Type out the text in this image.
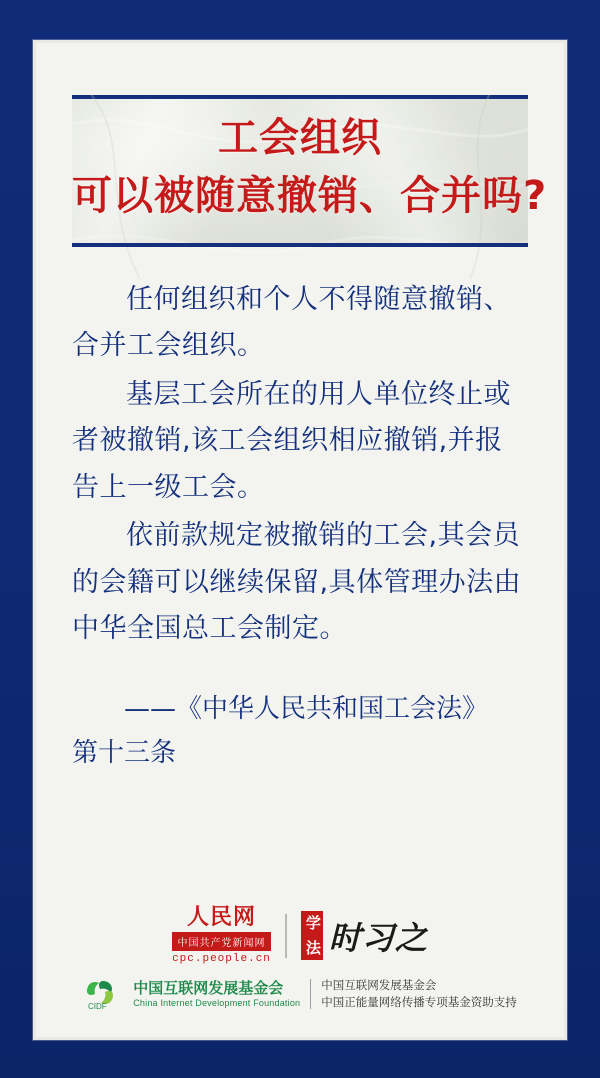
工会组织
可以被随意撤销、合并吗?

任何组织和个人不得随意撤销、合并工会组织。

基层工会所在的用人单位终止或者被撤销,该工会组织相应撤销,并报告上一级工会。

依前款规定被撤销的工会,其会员的会籍可以继续保留,具体管理办法由中华全国总工会制定。

——《中华人民共和国工会法》
第十三条
人民网
中国共产党新闻网
cpc.people.cn
学
法 时习之
CIDF
中国互联网发展基金会
China Internet Development Foundation
中国互联网发展基金会
中国正能量网络传播专项基金资助支持
